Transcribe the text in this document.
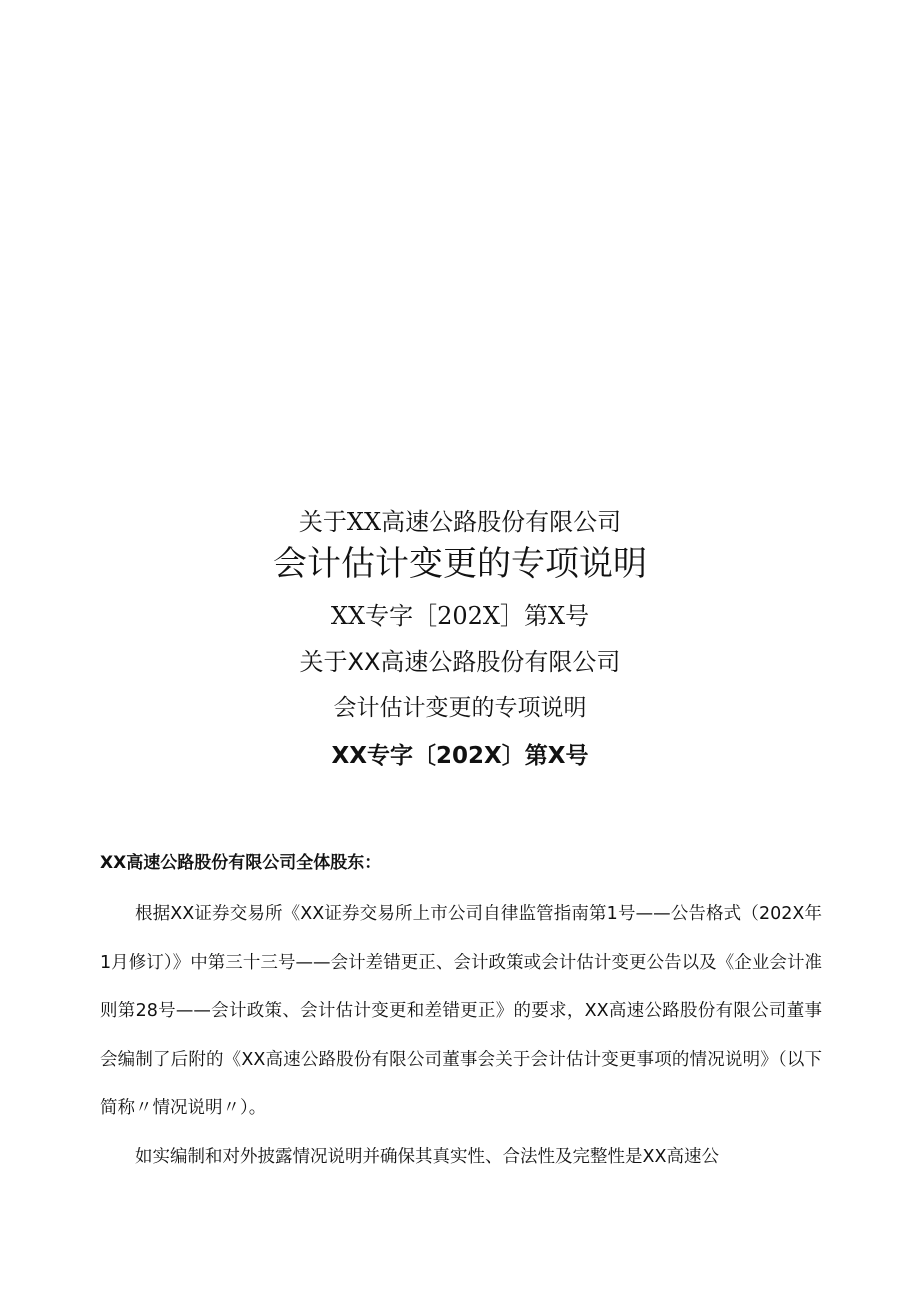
关于XX高速公路股份有限公司
会计估计变更的专项说明
XX专字［202X］第X号
关于XX高速公路股份有限公司
会计估计变更的专项说明
XX专字〔202X〕第X号
XX高速公路股份有限公司全体股东：

根据XX证券交易所《XX证券交易所上市公司自律监管指南第1号——公告格式（202X年1月修订）》中第三十三号——会计差错更正、会计政策或会计估计变更公告以及《企业会计准则第28号——会计政策、会计估计变更和差错更正》的要求，XX高速公路股份有限公司董事会编制了后附的《XX高速公路股份有限公司董事会关于会计估计变更事项的情况说明》（以下简称〃情况说明〃）。

如实编制和对外披露情况说明并确保其真实性、合法性及完整性是XX高速公
